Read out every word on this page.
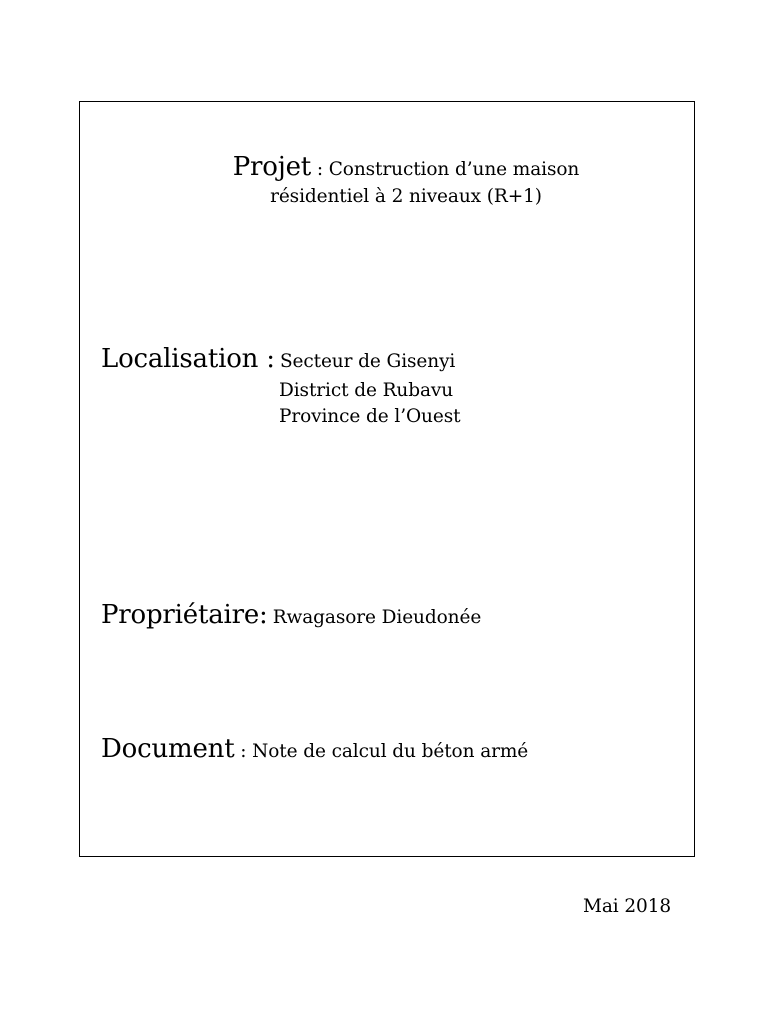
Projet : Construction d’une maison
résidentiel à 2 niveaux (R+1)
Localisation : Secteur de Gisenyi
District de Rubavu
Province de l’Ouest
Propriétaire: Rwagasore Dieudonée
Document : Note de calcul du béton armé
Mai 2018
